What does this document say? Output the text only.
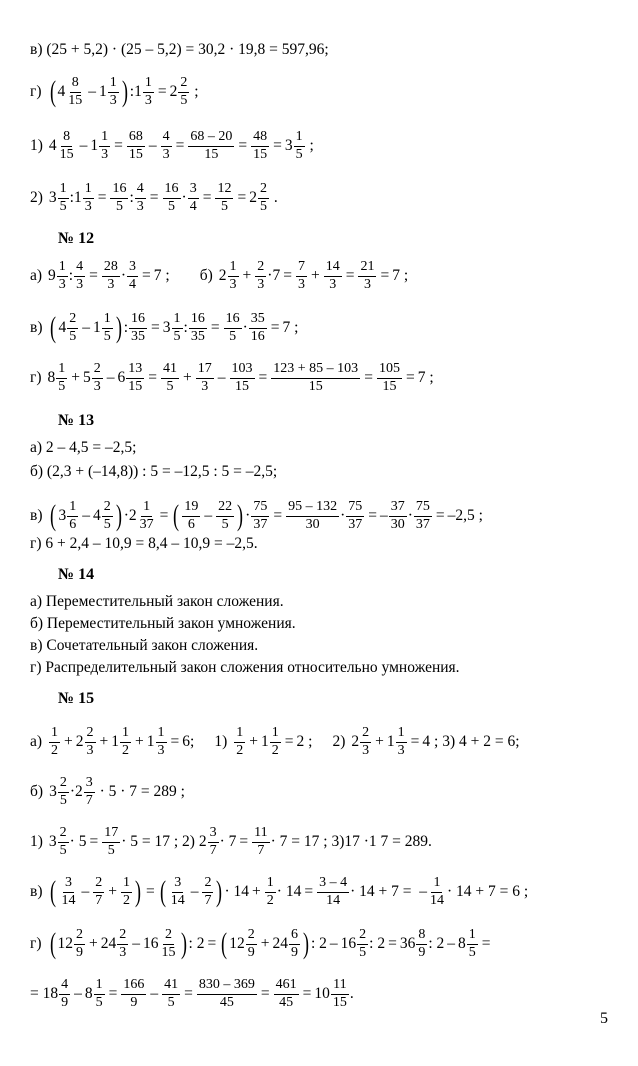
в) (25 + 5,2) · (25 – 5,2) = 30,2 · 19,8 = 597,96;
г) ( $4 \frac{8}{15} - 1 \frac{1}{3}$ ) : $1 \frac{1}{3} = 2 \frac{2}{5}$ ;
1) $4 \frac{8}{15} - 1 \frac{1}{3} = \frac{68}{15} - \frac{4}{3} = \frac{68 - 20}{15} = \frac{48}{15} = 3 \frac{1}{5}$ ;
2) $3 \frac{1}{5}$ : $1 \frac{1}{3} = \frac{16}{5}$ : $\frac{4}{3} = \frac{16}{5} \cdot \frac{3}{4} = \frac{12}{5} = 2 \frac{2}{5}$ .
№ 12
а) $9 \frac{1}{3}$ : $\frac{4}{3} = \frac{28}{3} \cdot \frac{3}{4} = 7$ ; б) $2 \frac{1}{3} + \frac{2}{3} \cdot 7 = \frac{7}{3} + \frac{14}{3} = \frac{21}{3} = 7$ ;
в) ( $4 \frac{2}{5} - 1 \frac{1}{5}$ ) : $\frac{16}{35} = 3 \frac{1}{5}$ : $\frac{16}{35} = \frac{16}{5} \cdot \frac{35}{16} = 7$ ;
г) $8 \frac{1}{5} + 5 \frac{2}{3} - 6 \frac{13}{15} = \frac{41}{5} + \frac{17}{3} - \frac{103}{15} = \frac{123 + 85 - 103}{15} = \frac{105}{15} = 7$ ;
№ 13
а) 2 – 4,5 = –2,5;
б) (2,3 + (–14,8)) : 5 = –12,5 : 5 = –2,5;
в) ( $3 \frac{1}{6} - 4 \frac{2}{5}$ ) · $2 \frac{1}{37}$ = ( $\frac{19}{6} - \frac{22}{5}$ ) · $\frac{75}{37} = \frac{95 - 132}{30} \cdot \frac{75}{37}$ = – $\frac{37}{30} \cdot \frac{75}{37} = -2,5$ ;
г) 6 + 2,4 – 10,9 = 8,4 – 10,9 = –2,5.
№ 14
а) Переместительный закон сложения.
б) Переместительный закон умножения.
в) Сочетательный закон сложения.
г) Распределительный закон сложения относительно умножения.
№ 15
$а) \frac{1}{2} + 2 \frac{2}{3} + 1 \frac{1}{2} + 1 \frac{1}{3} = 6$; $1) \frac{1}{2} + 1 \frac{1}{2} = 2$ ; 2) $2 \frac{2}{3} + 1 \frac{1}{3} = 4$ ; 3) 4 + 2 = 6;
б) $3 \frac{2}{5} \cdot 2 \frac{3}{7} \cdot 5 \cdot 7 = 289$ ;
1) $3 \frac{2}{5} \cdot 5 = \frac{17}{5} \cdot 5 = 17$ ; 2) $2 \frac{3}{7} \cdot 7 = \frac{11}{7} \cdot 7 = 17$ ; 3)17 ·1 7 = 289.
в) ( $\frac{3}{14} - \frac{2}{7} + \frac{1}{2}$ ) = ( $\frac{3}{14} - \frac{2}{7}$ ) · $14 + \frac{1}{2} \cdot 14 = \frac{3 - 4}{14} \cdot 14 + 7$ =  – $\frac{1}{14} \cdot 14 + 7 = 6$ ;
г) ( $12 \frac{2}{9} + 24 \frac{2}{3} - 16 \frac{2}{15}$ ) : 2 = ( $12 \frac{2}{9} + 24 \frac{6}{9}$ ) : $2 - 16 \frac{2}{5}$ : $2 = 36 \frac{8}{9}$ : $2 - 8 \frac{1}{5}$ =
= $18 \frac{4}{9} - 8 \frac{1}{5} = \frac{166}{9} - \frac{41}{5} = \frac{830 - 369}{45} = \frac{461}{45} = 10 \frac{11}{15}$ .
5
